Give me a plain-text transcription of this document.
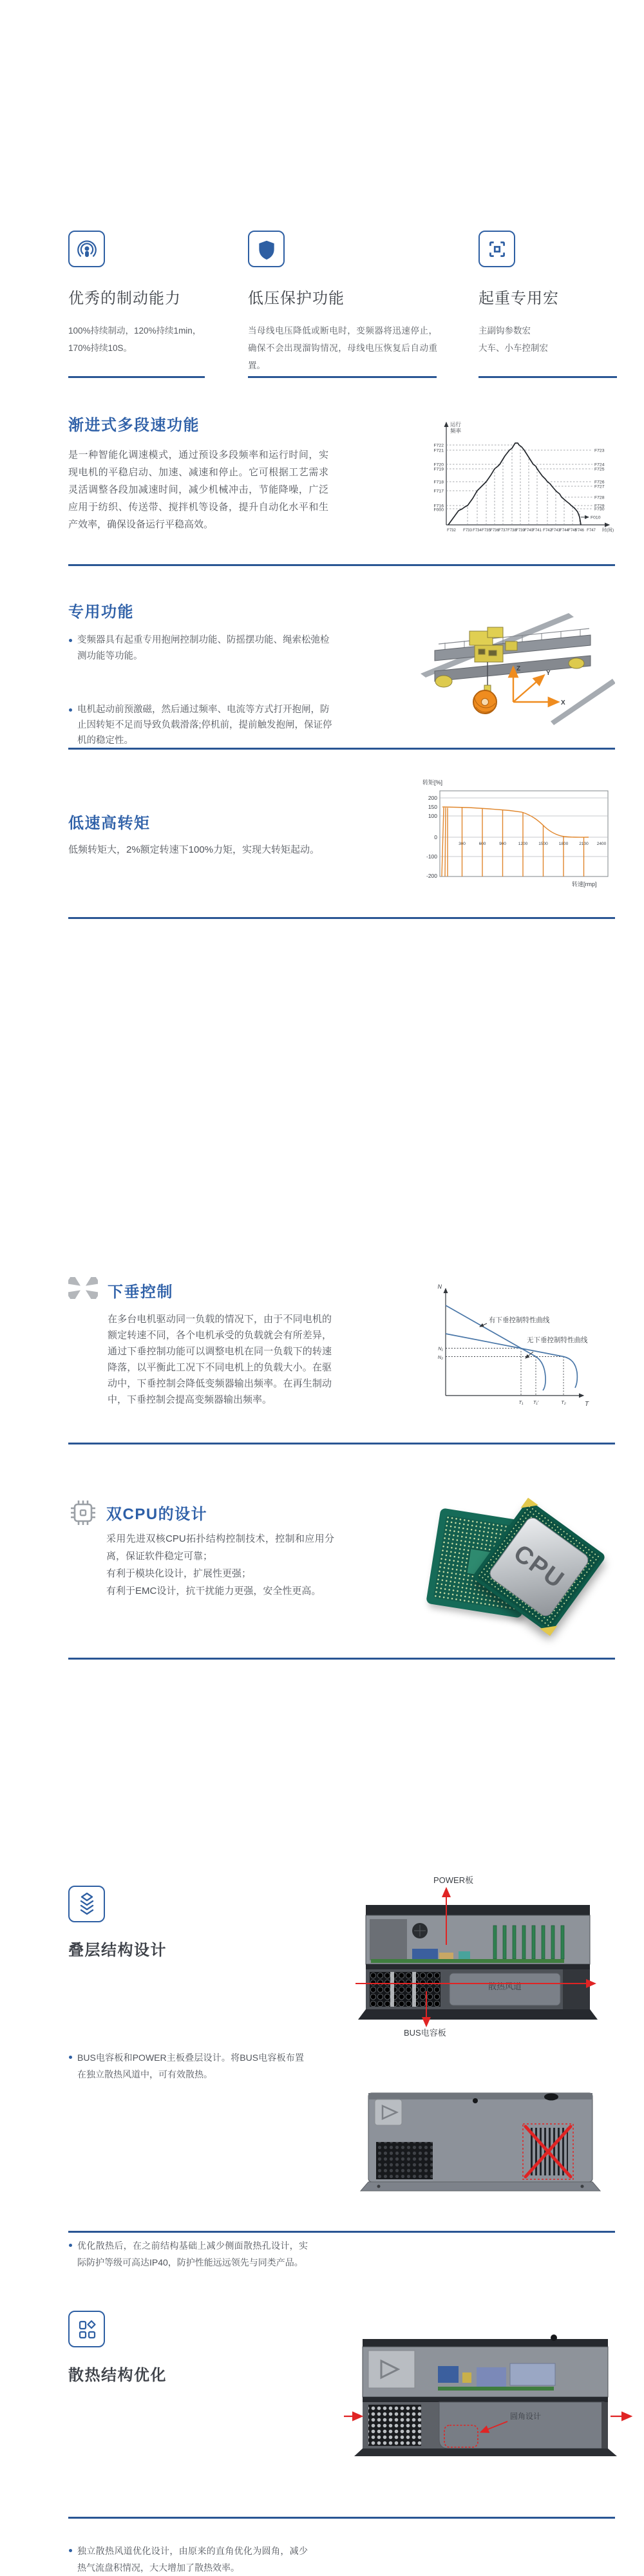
优秀的制动能力
100%持续制动，120%持续1min，170%持续10S。
低压保护功能
当母线电压降低或断电时，变频器将迅速停止，确保不会出现溜钩情况，母线电压恢复后自动重置。
起重专用宏
主副钩参数宏
大车、小车控制宏
渐进式多段速功能
是一种智能化调速模式，通过预设多段频率和运行时间，实现电机的平稳启动、加速、减速和停止。它可根据工艺需求灵活调整各段加减速时间，减少机械冲击，节能降噪，广泛应用于纺织、传送带、搅拌机等设备，提升自动化水平和生产效率，确保设备运行平稳高效。
运行
频率
F722
F721
F720
F719
F718
F717
F716
F000
F723
F724
F725
F726
F727
F728
F729
F730
F010
F732 F733 F734 F735 F736 F737 F738 F739 F740 F741 F742 F743 F744 F745
F746 F747 时(间)
专用功能
变频器具有起重专用抱闸控制功能、防摇摆功能、绳索松弛检测功能等功能。
电机起动前预激磁，然后通过频率、电流等方式打开抱闸，防止因转矩不足而导致负载滑落;停机前，提前触发抱闸，保证停机的稳定性。
Z
Y
X
低速高转矩
低频转矩大，2%额定转速下100%力矩，实现大转矩起动。
转矩[%]
200
150
100
0
-100
-200
300	600	900	1200	1500	1800	2100 2400
转速[rmp]
下垂控制
在多台电机驱动同一负载的情况下，由于不同电机的额定转速不同，各个电机承受的负载就会有所差异，通过下垂控制功能可以调整电机在同一负载下的转速降落，以平衡此工况下不同电机上的负载大小。在驱动中，下垂控制会降低变频器输出频率。在再生制动中，下垂控制会提高变频器输出频率。
N
T
有下垂控制特性曲线
无下垂控制特性曲线
N₁
N₂
T₁ T₁′	T₂
双CPU的设计
采用先进双核CPU拓扑结构控制技术，控制和应用分离，保证软件稳定可靠；
有利于模块化设计，扩展性更强；
有利于EMC设计，抗干扰能力更强，安全性更高。	CPU
叠层结构设计
BUS电容板和POWER主板叠层设计。将BUS电容板布置在独立散热风道中，可有效散热。
POWER板
散热风道
BUS电容板
优化散热后，在之前结构基础上减少侧面散热孔设计，实际防护等级可高达IP40，防护性能远远领先与同类产品。
散热结构优化
独立散热风道优化设计，由原来的直角优化为圆角，减少热气流盘积情况，大大增加了散热效率。
圆角设计
